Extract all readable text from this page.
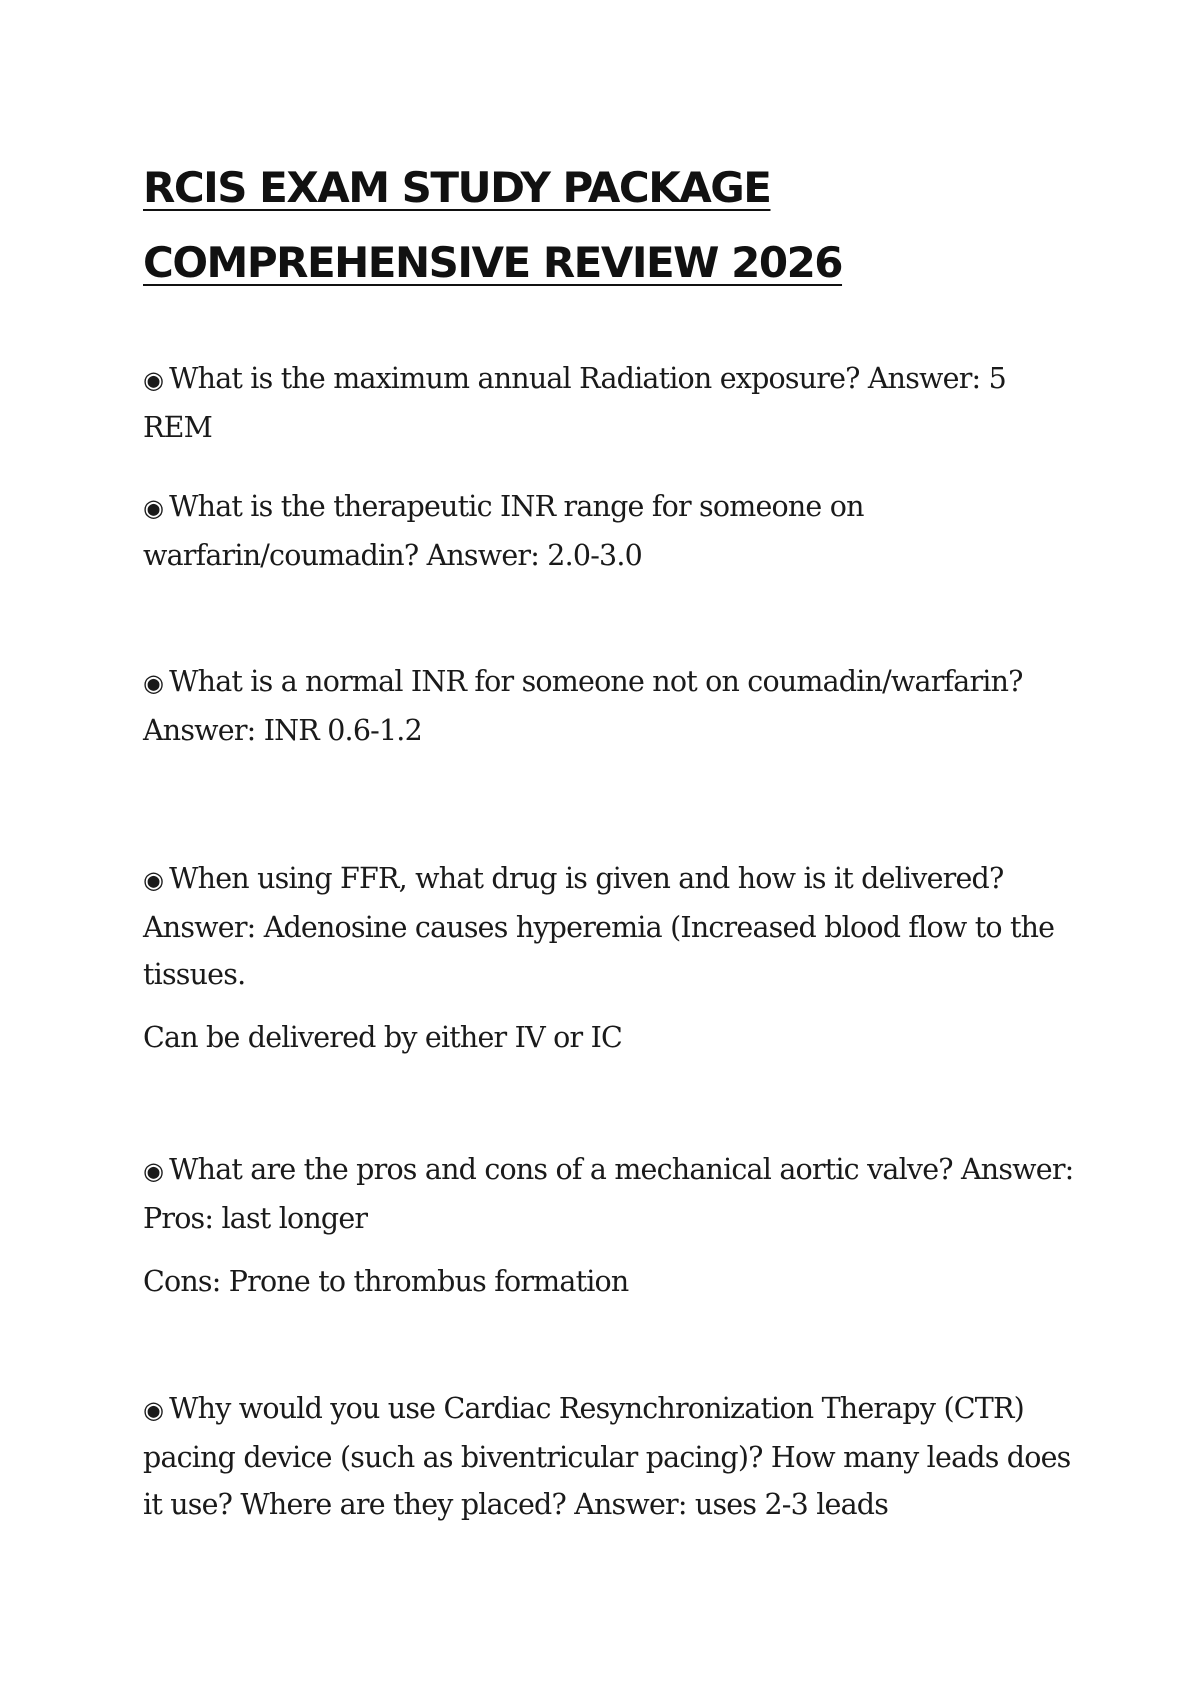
RCIS EXAM STUDY PACKAGE COMPREHENSIVE REVIEW 2026

◉ What is the maximum annual Radiation exposure? Answer: 5 REM

◉ What is the therapeutic INR range for someone on warfarin/coumadin? Answer: 2.0-3.0

◉ What is a normal INR for someone not on coumadin/warfarin? Answer: INR 0.6-1.2

◉ When using FFR, what drug is given and how is it delivered? Answer: Adenosine causes hyperemia (Increased blood flow to the tissues.

Can be delivered by either IV or IC

◉ What are the pros and cons of a mechanical aortic valve? Answer: Pros: last longer

Cons: Prone to thrombus formation

◉ Why would you use Cardiac Resynchronization Therapy (CTR) pacing device (such as biventricular pacing)? How many leads does it use? Where are they placed? Answer: uses 2-3 leads
